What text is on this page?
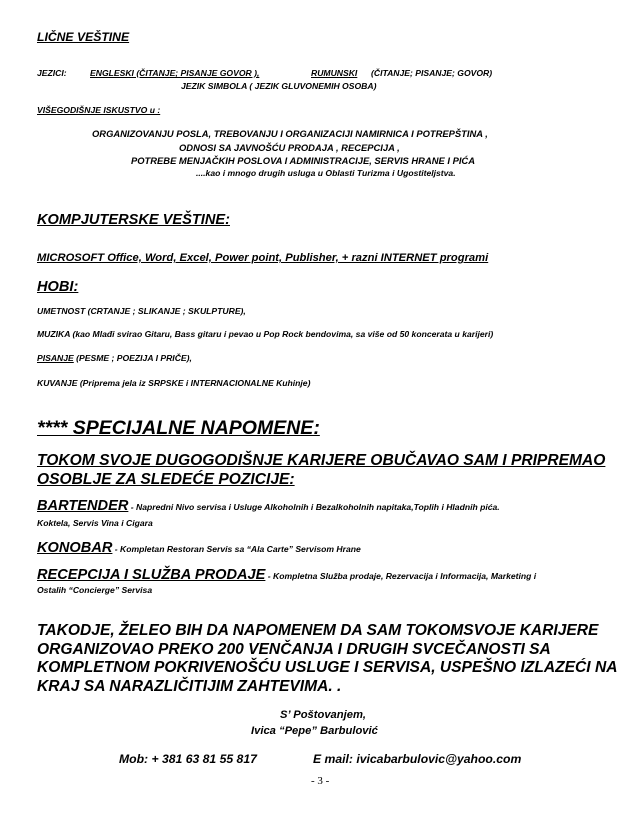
LIČNE VEŠTINE
JEZICI:	ENGLESKI (ČITANJE; PISANJE GOVOR ),	RUMUNSKI (ČITANJE; PISANJE; GOVOR)
JEZIK SIMBOLA ( JEZIK GLUVONEMIH OSOBA)
VIŠEGODIŠNJE ISKUSTVO u :
ORGANIZOVANJU POSLA, TREBOVANJU I ORGANIZACIJI NAMIRNICA I POTREPŠTINA ,
ODNOSI SA JAVNOŠĆU PRODAJA , RECEPCIJA ,
POTREBE MENJAČKIH POSLOVA I ADMINISTRACIJE, SERVIS HRANE I PIĆA
....kao i mnogo drugih usluga u Oblasti Turizma i Ugostiteljstva.
KOMPJUTERSKE VEŠTINE:
MICROSOFT Office, Word, Excel, Power point, Publisher, + razni INTERNET programi
HOBI:
UMETNOST (CRTANJE ; SLIKANJE ; SKULPTURE),
MUZIKA (kao Mlađi svirao Gitaru, Bass gitaru i pevao u Pop Rock bendovima, sa više od 50 koncerata u karijeri)
PISANJE (PESME ; POEZIJA I PRIČE),
KUVANJE (Pripremа jela iz SRPSKE i INTERNACIONALNE Kuhinje)
**** SPECIJALNE NAPOMENE:
TOKOM SVOJE DUGOGODIŠNJE KARIJERE OBUČAVAO SAM I PRIPREMAO
OSOBLJE ZA SLEDEĆE POZICIJE:
BARTENDER - Napredni Nivo servisa i Usluge Alkoholnih i Bezalkoholnih napitaka,Toplih i Hladnih pića.
Koktela, Servis Vina i Cigara
KONOBAR - Kompletan Restoran Servis sa “Ala Carte” Servisom Hrane
RECEPCIJA I SLUŽBA PRODAJE - Kompletna Služba prodaje, Rezervacija i Informacija, Marketing i
Ostalih “Concierge” Servisa
TAKODJE, ŽELEO BIH DA NAPOMENEM DA SAM TOKOMSVOJE KARIJERE
ORGANIZOVAO PREKO 200 VENČANJA I DRUGIH SVCEČANOSTI SA
KOMPLETNOM POKRIVENOŠĆU USLUGE I SERVISA, USPEŠNO IZLAZEĆI NA
KRAJ SA NARAZLIČITIJIM ZAHTEVIMA. .
S’ Poštovanjem,
Ivica “Pepe” Barbulović
Mob: + 381 63 81 55 817	E mail: ivicabarbulovic@yahoo.com
- 3 -
